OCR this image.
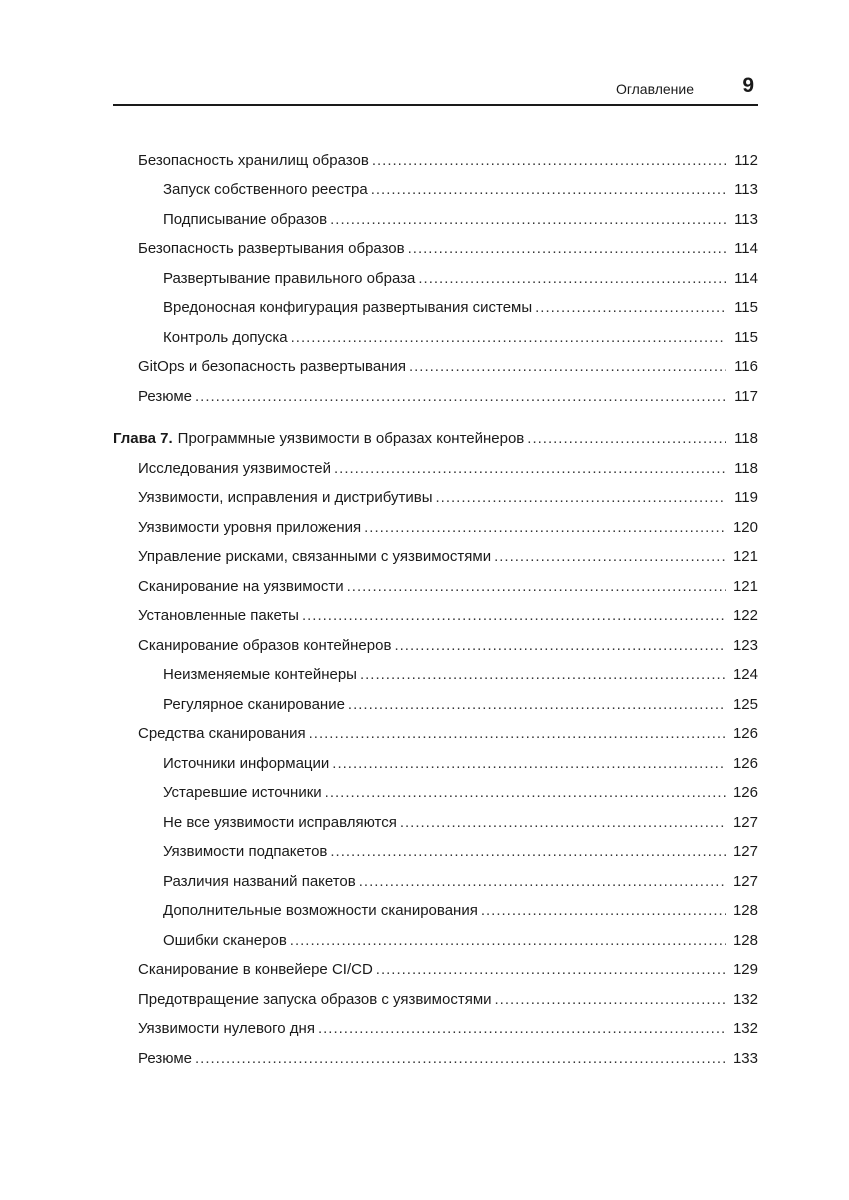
Оглавление 9
Безопасность хранилищ образов .....	112
Запуск собственного реестра .....	113
Подписывание образов .....	113
Безопасность развертывания образов .....	114
Развертывание правильного образа .....	114
Вредоносная конфигурация развертывания системы .....	115
Контроль допуска .....	115
GitOps и безопасность развертывания .....	116
Резюме .....	117
Глава 7. Программные уязвимости в образах контейнеров .....	118
Исследования уязвимостей .....	118
Уязвимости, исправления и дистрибутивы .....	119
Уязвимости уровня приложения .....	120
Управление рисками, связанными с уязвимостями .....	121
Сканирование на уязвимости .....	121
Установленные пакеты .....	122
Сканирование образов контейнеров .....	123
Неизменяемые контейнеры .....	124
Регулярное сканирование .....	125
Средства сканирования .....	126
Источники информации .....	126
Устаревшие источники .....	126
Не все уязвимости исправляются .....	127
Уязвимости подпакетов .....	127
Различия названий пакетов .....	127
Дополнительные возможности сканирования .....	128
Ошибки сканеров .....	128
Сканирование в конвейере CI/CD .....	129
Предотвращение запуска образов с уязвимостями .....	132
Уязвимости нулевого дня .....	132
Резюме .....	133
